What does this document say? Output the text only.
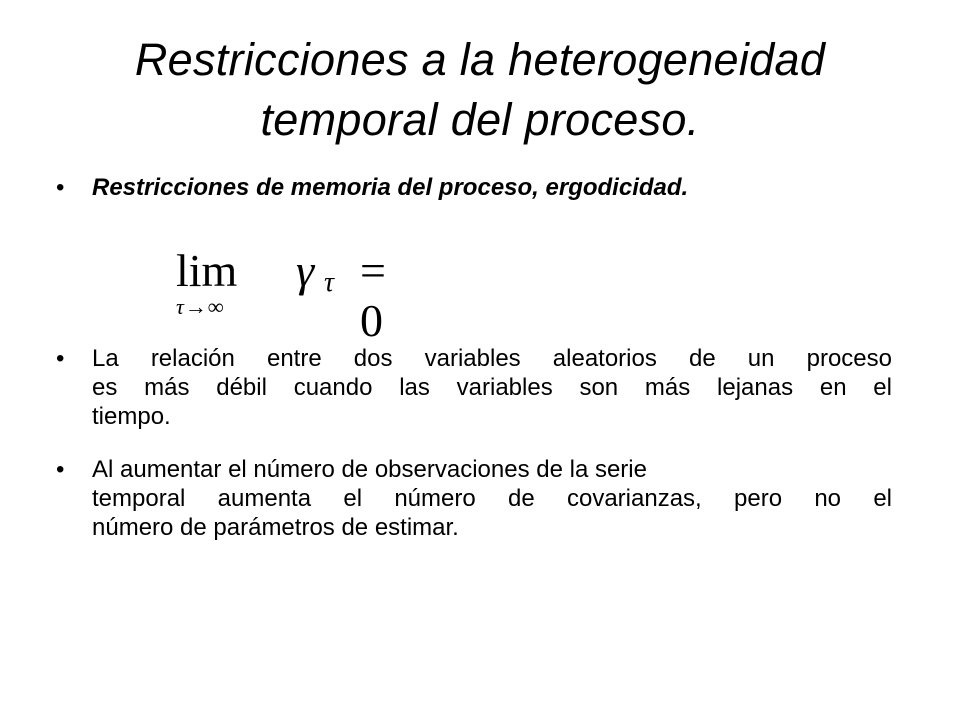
Restricciones a la heterogeneidad
temporal del proceso.
•	Restricciones de memoria del proceso, ergodicidad.
lim
τ→∞
γ τ = 0
•	La relación entre dos variables aleatorios de un proceso
es más débil cuando las variables son más lejanas en el
tiempo.
•	Al aumentar el número de observaciones de la serie
temporal aumenta el número de covarianzas, pero no el
número de parámetros de estimar.
